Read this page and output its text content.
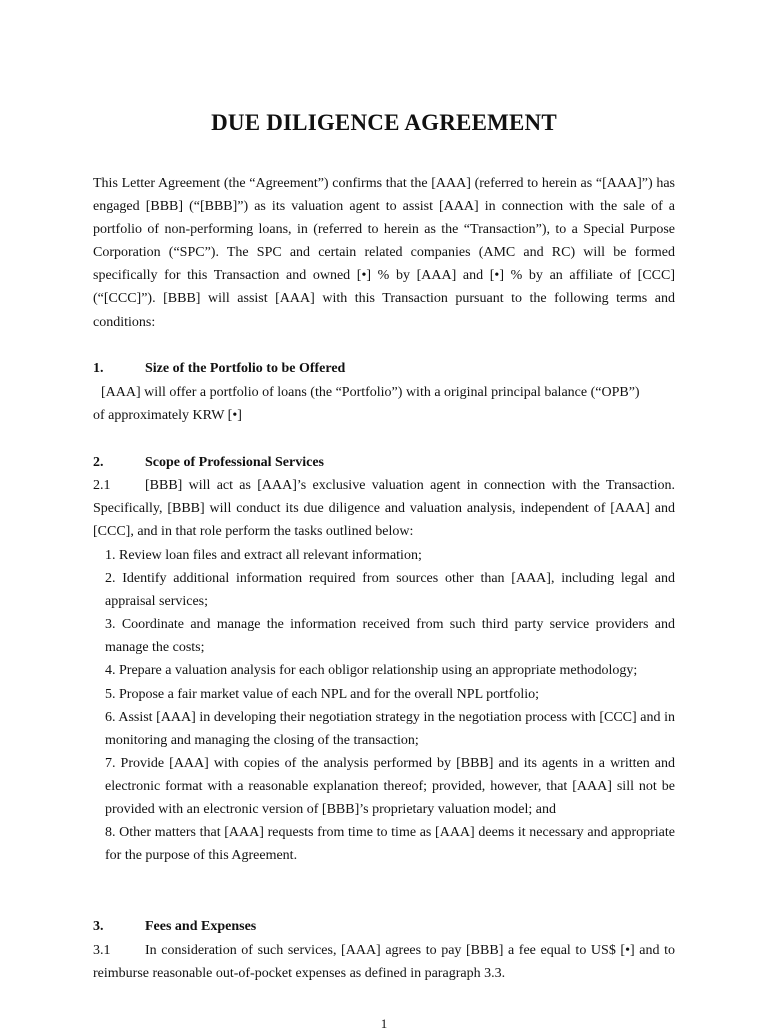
DUE DILIGENCE AGREEMENT
This Letter Agreement (the “Agreement”) confirms that the [AAA] (referred to herein as “[AAA]”) has engaged [BBB] (“[BBB]”) as its valuation agent to assist [AAA] in connection with the sale of a portfolio of non-performing loans, in (referred to herein as the “Transaction”), to a Special Purpose Corporation (“SPC”). The SPC and certain related companies (AMC and RC) will be formed specifically for this Transaction and owned [•] % by [AAA] and [•] % by an affiliate of [CCC] (“[CCC]”). [BBB] will assist [AAA] with this Transaction pursuant to the following terms and conditions:
1.	Size of the Portfolio to be Offered
[AAA] will offer a portfolio of loans (the “Portfolio”) with a original principal balance (“OPB”) of approximately KRW [•]
2.	Scope of Professional Services
2.1 [BBB] will act as [AAA]’s exclusive valuation agent in connection with the Transaction. Specifically, [BBB] will conduct its due diligence and valuation analysis, independent of [AAA] and [CCC], and in that role perform the tasks outlined below:

1. Review loan files and extract all relevant information;

2. Identify additional information required from sources other than [AAA], including legal and appraisal services;

3. Coordinate and manage the information received from such third party service providers and manage the costs;

4. Prepare a valuation analysis for each obligor relationship using an appropriate methodology;

5. Propose a fair market value of each NPL and for the overall NPL portfolio;

6. Assist [AAA] in developing their negotiation strategy in the negotiation process with [CCC] and in monitoring and managing the closing of the transaction;

7. Provide [AAA] with copies of the analysis performed by [BBB] and its agents in a written and electronic format with a reasonable explanation thereof; provided, however, that [AAA] sill not be provided with an electronic version of [BBB]’s proprietary valuation model; and

8. Other matters that [AAA] requests from time to time as [AAA] deems it necessary and appropriate for the purpose of this Agreement.

3.	Fees and Expenses
3.1 In consideration of such services, [AAA] agrees to pay [BBB] a fee equal to US$ [•] and to reimburse reasonable out-of-pocket expenses as defined in paragraph 3.3.
1
